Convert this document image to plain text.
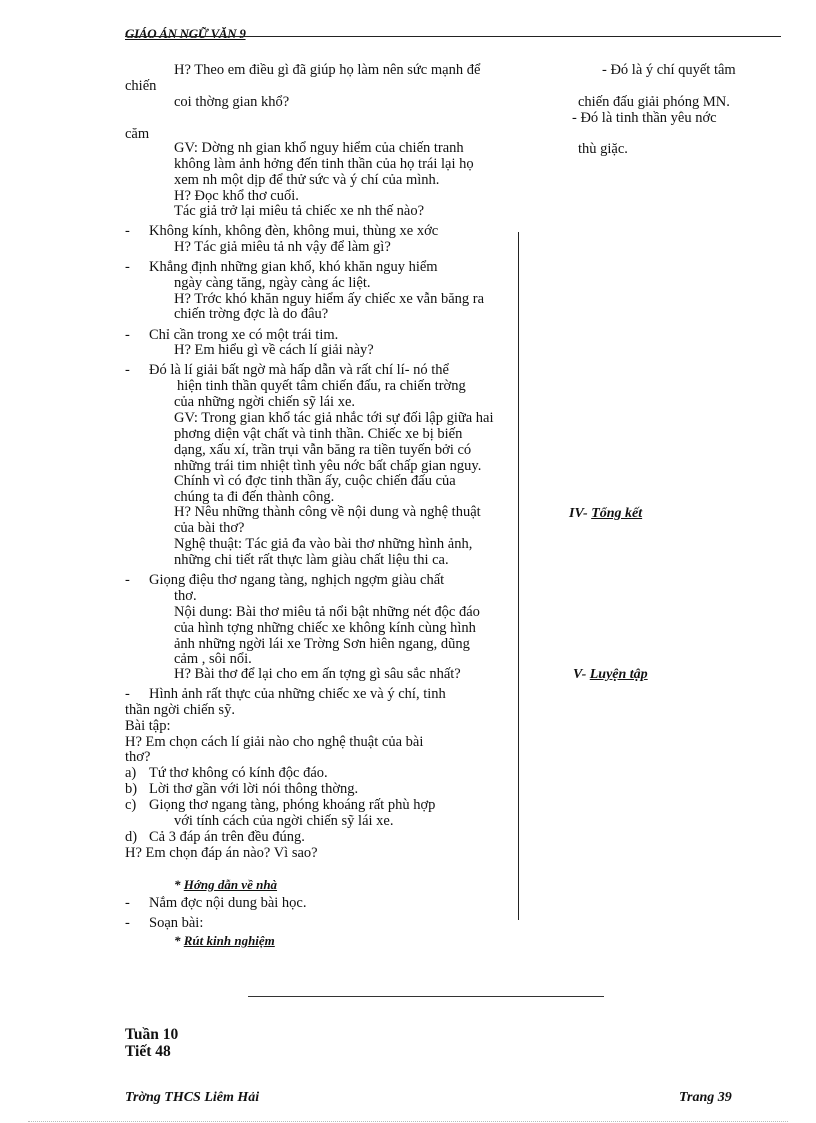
GIÁO ÁN NGỮ VĂN 9
H? Theo em điều gì đã giúp họ làm nên sức mạnh để
chiến
coi thờng gian khổ?
căm
GV: Dờng nh gian khổ nguy hiểm của chiến tranh
không làm ảnh hởng đến tinh thần của họ trái lại họ
xem nh một dịp để thử sức và ý chí của mình.
H? Đọc khổ thơ cuối.
Tác giả trở lại miêu tả chiếc xe nh thế nào?
- Không kính, không đèn, không mui, thùng xe xớc
H? Tác giả miêu tả nh vậy để làm gì?
- Khẳng định những gian khổ, khó khăn nguy hiểm
ngày càng tăng, ngày càng ác liệt.
H? Trớc khó khăn nguy hiểm ấy chiếc xe vẫn băng ra
chiến trờng đợc là do đâu?
- Chỉ cần trong xe có một trái tim.
H? Em hiểu gì về cách lí giải này?
- Đó là lí giải bất ngờ mà hấp dẫn và rất chí lí- nó thể
hiện tinh thần quyết tâm chiến đấu, ra chiến trờng
của những ngời chiến sỹ lái xe.
GV: Trong gian khổ tác giả nhắc tới sự đối lập giữa hai
phơng diện vật chất và tinh thần. Chiếc xe bị biến
dạng, xấu xí, trần trụi vẫn băng ra tiền tuyến bởi có
những trái tim nhiệt tình yêu nớc bất chấp gian nguy.
Chính vì có đợc tinh thần ấy, cuộc chiến đấu của
chúng ta đi đến thành công.
H? Nêu những thành công về nội dung và nghệ thuật
của bài thơ?
Nghệ thuật: Tác giả đa vào bài thơ những hình ảnh,
những chi tiết rất thực làm giàu chất liệu thi ca.
- Giọng điệu thơ ngang tàng, nghịch ngợm giàu chất
thơ.
Nội dung: Bài thơ miêu tả nổi bật những nét độc đáo
của hình tợng những chiếc xe không kính cùng hình
ảnh những ngời lái xe Trờng Sơn hiên ngang, dũng
cảm , sôi nổi.
H? Bài thơ để lại cho em ấn tợng gì sâu sắc nhất?
- Hình ảnh rất thực của những chiếc xe và ý chí, tinh
thần ngời chiến sỹ.
Bài tập:
H? Em chọn cách lí giải nào cho nghệ thuật của bài
thơ?
a) Tứ thơ không có kính độc đáo.
b) Lời thơ gần với lời nói thông thờng.
c) Giọng thơ ngang tàng, phóng khoáng rất phù hợp
với tính cách của ngời chiến sỹ lái xe.
d) Cả 3 đáp án trên đều đúng.
H? Em chọn đáp án nào? Vì sao?
* Hớng dẫn về nhà
- Nắm đợc nội dung bài học.
- Soạn bài:
* Rút kinh nghiệm
- Đó là ý chí quyết tâm
chiến đấu giải phóng MN.
- Đó là tinh thần yêu nớc
thù giặc.
IV- Tổng kết
V- Luyện tập
Tuần 10
Tiết 48
Trờng THCS Liêm Hải	Trang 39
